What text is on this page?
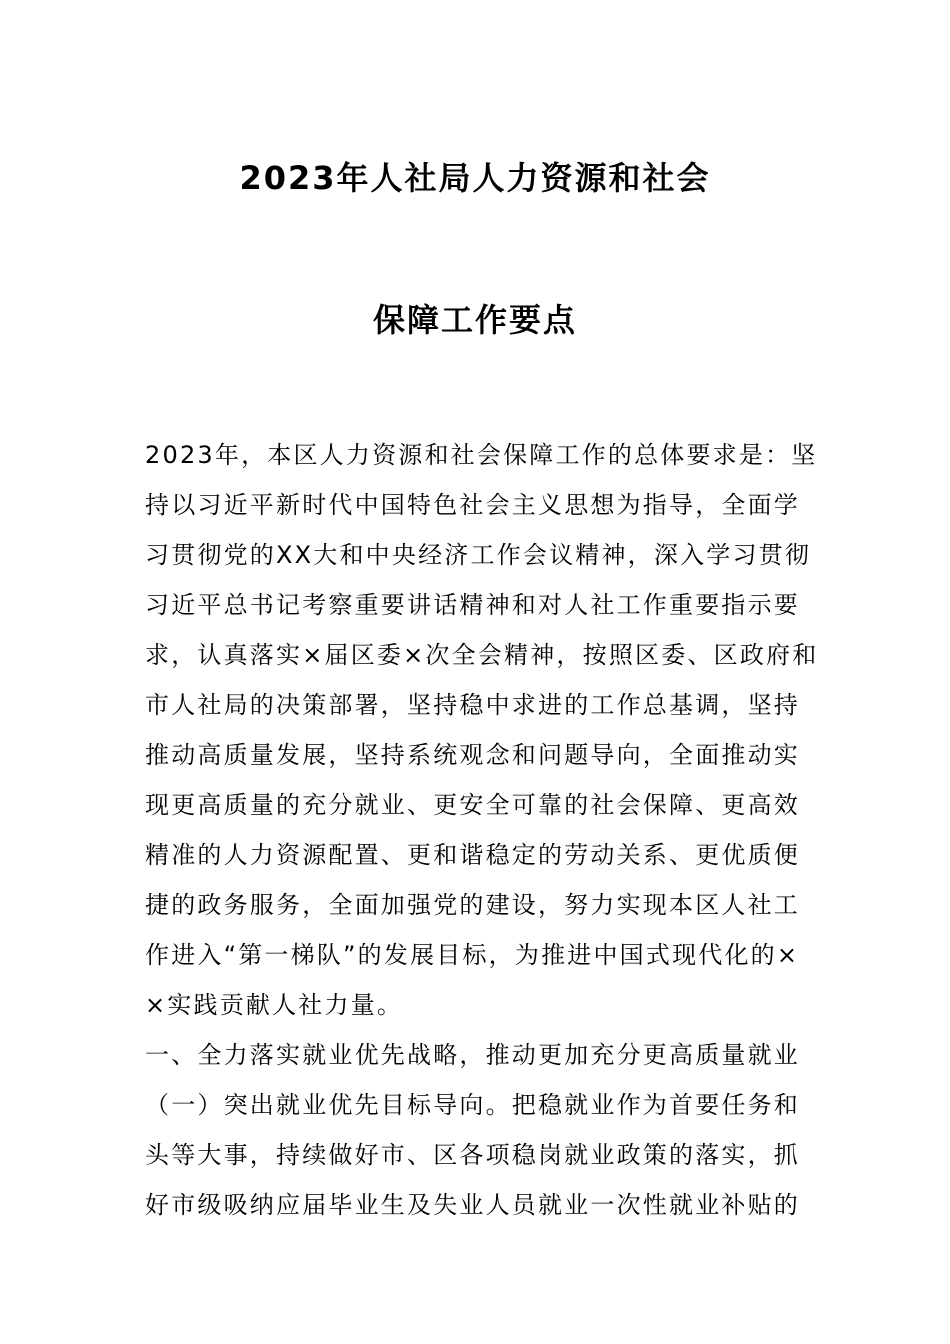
2023年人社局人力资源和社会
保障工作要点
2023年，本区人力资源和社会保障工作的总体要求是：坚
持以习近平新时代中国特色社会主义思想为指导，全面学
习贯彻党的XX大和中央经济工作会议精神，深入学习贯彻
习近平总书记考察重要讲话精神和对人社工作重要指示要
求，认真落实×届区委×次全会精神，按照区委、区政府和
市人社局的决策部署，坚持稳中求进的工作总基调，坚持
推动高质量发展，坚持系统观念和问题导向，全面推动实
现更高质量的充分就业、更安全可靠的社会保障、更高效
精准的人力资源配置、更和谐稳定的劳动关系、更优质便
捷的政务服务，全面加强党的建设，努力实现本区人社工
作进入“第一梯队”的发展目标，为推进中国式现代化的×
×实践贡献人社力量。
一、全力落实就业优先战略，推动更加充分更高质量就业
（一）突出就业优先目标导向。把稳就业作为首要任务和
头等大事，持续做好市、区各项稳岗就业政策的落实，抓
好市级吸纳应届毕业生及失业人员就业一次性就业补贴的
